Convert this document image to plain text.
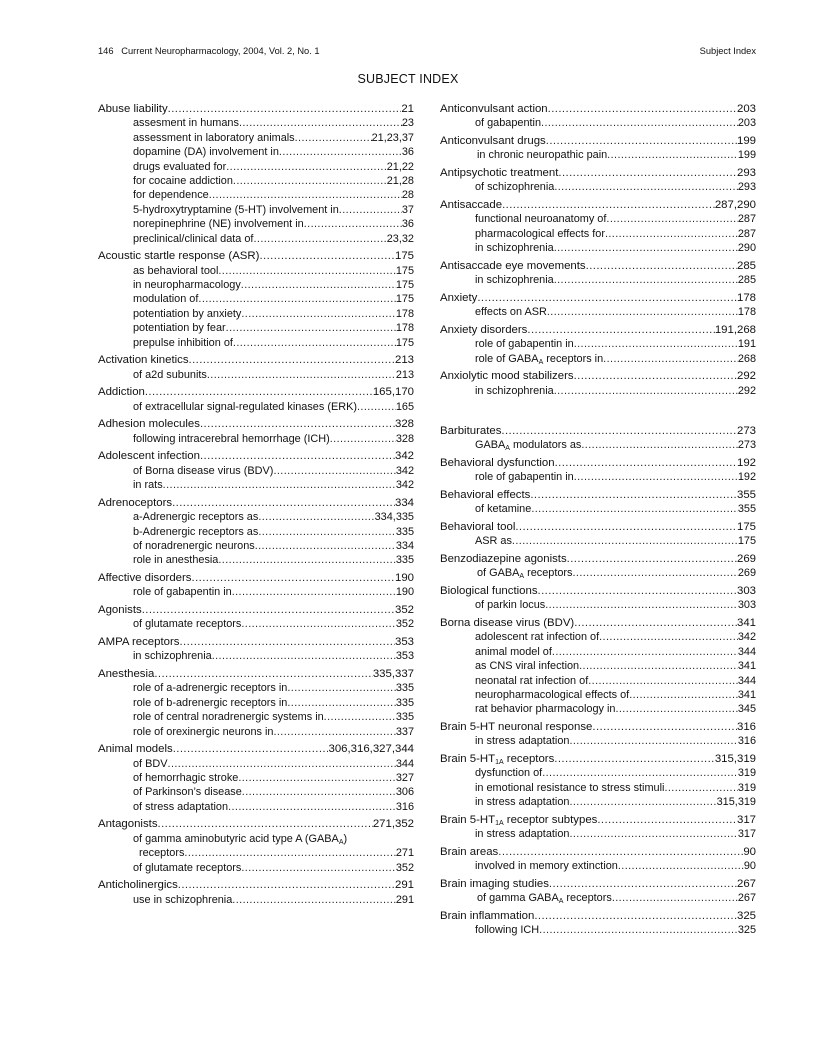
146 Current Neuropharmacology, 2004, Vol. 2, No. 1	Subject Index
SUBJECT INDEX
Abuse liability .....	21
assesment in humans .....	23
assessment in laboratory animals .....	21,23,37
dopamine (DA) involvement in .....	36
drugs evaluated for .....	21,22
for cocaine addiction .....	21,28
for dependence .....	28
5-hydroxytryptamine (5-HT) involvement in .....	37
norepinephrine (NE) involvement in .....	36
preclinical/clinical data of .....	23,32
Acoustic startle response (ASR) .....	175
as behavioral tool .....	175
in neuropharmacology .....	175
modulation of .....	175
potentiation by anxiety .....	178
potentiation by fear .....	178
prepulse inhibition of .....	175
Activation kinetics .....	213
of a2d subunits .....	213
Addiction .....	165,170
of extracellular signal-regulated kinases (ERK) .....	165
Adhesion molecules .....	328
following intracerebral hemorrhage (ICH) .....	328
Adolescent infection .....	342
of Borna disease virus (BDV) .....	342
in rats .....	342
Adrenoceptors .....	334
a-Adrenergic receptors as .....	334,335
b-Adrenergic receptors as .....	335
of noradrenergic neurons .....	334
role in anesthesia .....	335
Affective disorders .....	190
role of gabapentin in .....	190
Agonists .....	352
of glutamate receptors .....	352
AMPA receptors .....	353
in schizophrenia .....	353
Anesthesia .....	335,337
role of a-adrenergic receptors in .....	335
role of b-adrenergic receptors in .....	335
role of central noradrenergic systems in .....	335
role of orexinergic neurons in .....	337
Animal models .....	306,316,327,344
of BDV .....	344
of hemorrhagic stroke .....	327
of Parkinson’s disease .....	306
of stress adaptation .....	316
Antagonists .....	271,352
of gamma aminobutyric acid type A $(GABA_A)$
receptors .....	271
of glutamate receptors .....	352
Anticholinergics .....	291
use in schizophrenia .....	291
Anticonvulsant action .....	203
of gabapentin .....	203
Anticonvulsant drugs .....	199
in chronic neuropathic pain .....	199
Antipsychotic treatment .....	293
of schizophrenia .....	293
Antisaccade .....	287,290
functional neuroanatomy of .....	287
pharmacological effects for .....	287
in schizophrenia .....	290
Antisaccade eye movements .....	285
in schizophrenia .....	285
Anxiety .....	178
effects on ASR .....	178
Anxiety disorders .....	191,268
role of gabapentin in .....	191
role of $GABA_A$ receptors in .....	268
Anxiolytic mood stabilizers .....	292
in schizophrenia .....	292
Barbiturates .....	273
$GABA_A$ modulators as .....	273
Behavioral dysfunction .....	192
role of gabapentin in .....	192
Behavioral effects .....	355
of ketamine .....	355
Behavioral tool .....	175
ASR as .....	175
Benzodiazepine agonists .....	269
of $GABA_A$ receptors .....	269
Biological functions .....	303
of parkin locus .....	303
Borna disease virus (BDV) .....	341
adolescent rat infection of .....	342
animal model of .....	344
as CNS viral infection .....	341
neonatal rat infection of .....	344
neuropharmacological effects of .....	341
rat behavior pharmacology in .....	345
Brain 5-HT neuronal response .....	316
in stress adaptation .....	316
Brain $5-HT_{1A}$ receptors .....	315,319
dysfunction of .....	319
in emotional resistance to stress stimuli .....	319
in stress adaptation .....	315,319
Brain $5-HT_{1A}$ receptor subtypes .....	317
in stress adaptation .....	317
Brain areas .....	90
involved in memory extinction .....	90
Brain imaging studies .....	267
of gamma $GABA_A$ receptors .....	267
Brain inflammation .....	325
following ICH .....	325
